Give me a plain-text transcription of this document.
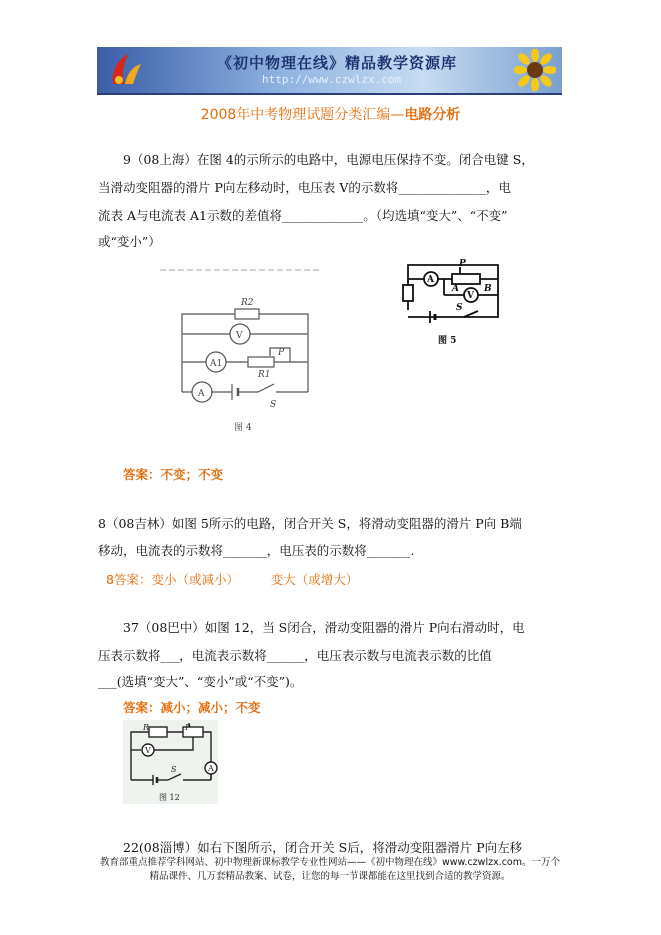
《初中物理在线》精品教学资源库
http://www.czwlzx.com
2008年中考物理试题分类汇编—电路分析
9（08上海）在图 4的示所示的电路中，电源电压保持不变。闭合电键 S，
当滑动变阻器的滑片 P向左移动时，电压表 V的示数将______________，电
流表 A与电流表 A1示数的差值将_____________。（均选填“变大”、“不变”
或“变小”）
R2
V
A1
P
R1
A
S
图 4
P
A	B
A
V
S
图 5
答案：不变；不变
8（08吉林）如图 5所示的电路，闭合开关 S，将滑动变阻器的滑片 P向 B端
移动，电流表的示数将_______，电压表的示数将_______.
8答案：变小（或减小）        变大（或增大）
37（08巴中）如图 12，当 S闭合，滑动变阻器的滑片 P向右滑动时，电
压表示数将___，电流表示数将______，电压表示数与电流表示数的比值
___(选填“变大”、“变小”或“不变”)。
答案：减小；减小；不变
R	P
V
A
S
图 12
22(08淄博）如右下图所示，闭合开关 S后，将滑动变阻器滑片 P向左移
教育部重点推荐学科网站、初中物理新课标教学专业性网站——《初中物理在线》www.czwlzx.com。一万个
精品课件、几万套精品教案、试卷，让您的每一节课都能在这里找到合适的教学资源。
